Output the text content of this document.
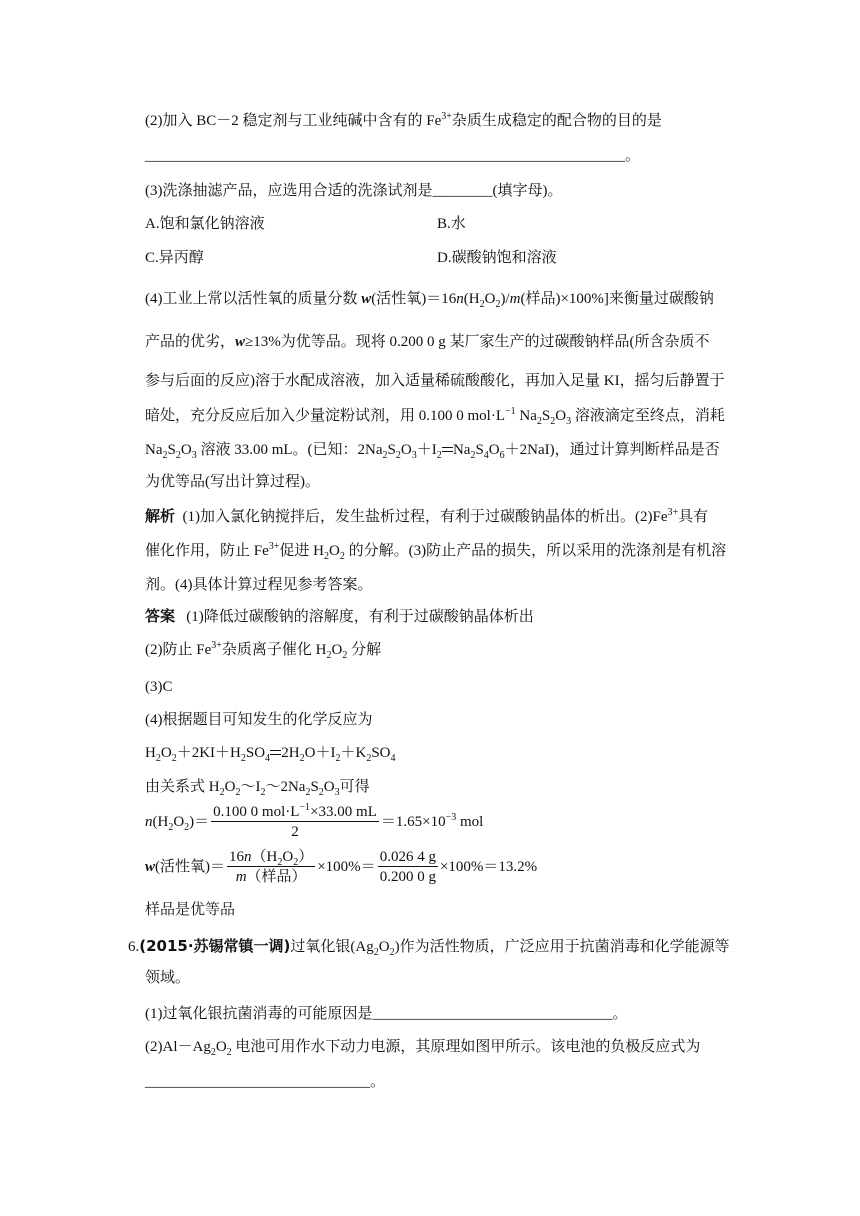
(2)加入 BC－2 稳定剂与工业纯碱中含有的 $Fe^{3+}$杂质生成稳定的配合物的目的是
________________________________________________________________。
(3)洗涤抽滤产品，应选用合适的洗涤试剂是________(填字母)。
A.饱和氯化钠溶液	B.水
C.异丙醇	D.碳酸钠饱和溶液
(4)工业上常以活性氧的质量分数 w(活性氧)$=16n(H_2O_2)/m$(样品)×100%]来衡量过碳酸钠
产品的优劣，w≥13%为优等品。现将 0.200 0 g 某厂家生产的过碳酸钠样品(所含杂质不
参与后面的反应)溶于水配成溶液，加入适量稀硫酸酸化，再加入足量 KI，摇匀后静置于
暗处，充分反应后加入少量淀粉试剂，用 0.100 0 $mol\cdot L^{-1}$ $Na_2S_2O_3$ 溶液滴定至终点，消耗
$Na_2S_2O_3$ 溶液 33.00 mL。(已知：$2Na_2S_2O_3+I_2$ $Na_2S_4O_6+2NaI$)，通过计算判断样品是否
为优等品(写出计算过程)。
解析 (1)加入氯化钠搅拌后，发生盐析过程，有利于过碳酸钠晶体的析出。$(2)Fe^{3+}$具有
催化作用，防止 $Fe^{3+}$促进 $H_2O_2$ 的分解。(3)防止产品的损失，所以采用的洗涤剂是有机溶
剂。(4)具体计算过程见参考答案。
答案 (1)降低过碳酸钠的溶解度，有利于过碳酸钠晶体析出
(2)防止 $Fe^{3+}$杂质离子催化 $H_2O_2$ 分解
(3)C
(4)根据题目可知发生的化学反应为
$H_2O_2+2KI+H_2SO_4$ $2H_2O+I_2+K_2SO_4$
由关系式 $H_2O_2\sim I_2\sim 2Na_2S_2O_3$可得
$n(H_2O_2)= \frac{0.100 0 mol\cdot L^{-1}\times 33.00 mL}{2} =1.65\times 10^{-3}$ mol
w(活性氧)＝ $\frac{16n(H_2O_2)}{\text{m（样品）}} \times 100\%= \frac{0.026 4 g}{0.200 0 g} \times 100\%=13.2\%$
样品是优等品
6.(2015·苏锡常镇一调)过氧化银$(Ag_2O_2)$作为活性物质，广泛应用于抗菌消毒和化学能源等
领域。
(1)过氧化银抗菌消毒的可能原因是________________________________。
$(2)Al-Ag_2O_2$ 电池可用作水下动力电源，其原理如图甲所示。该电池的负极反应式为
______________________________。
